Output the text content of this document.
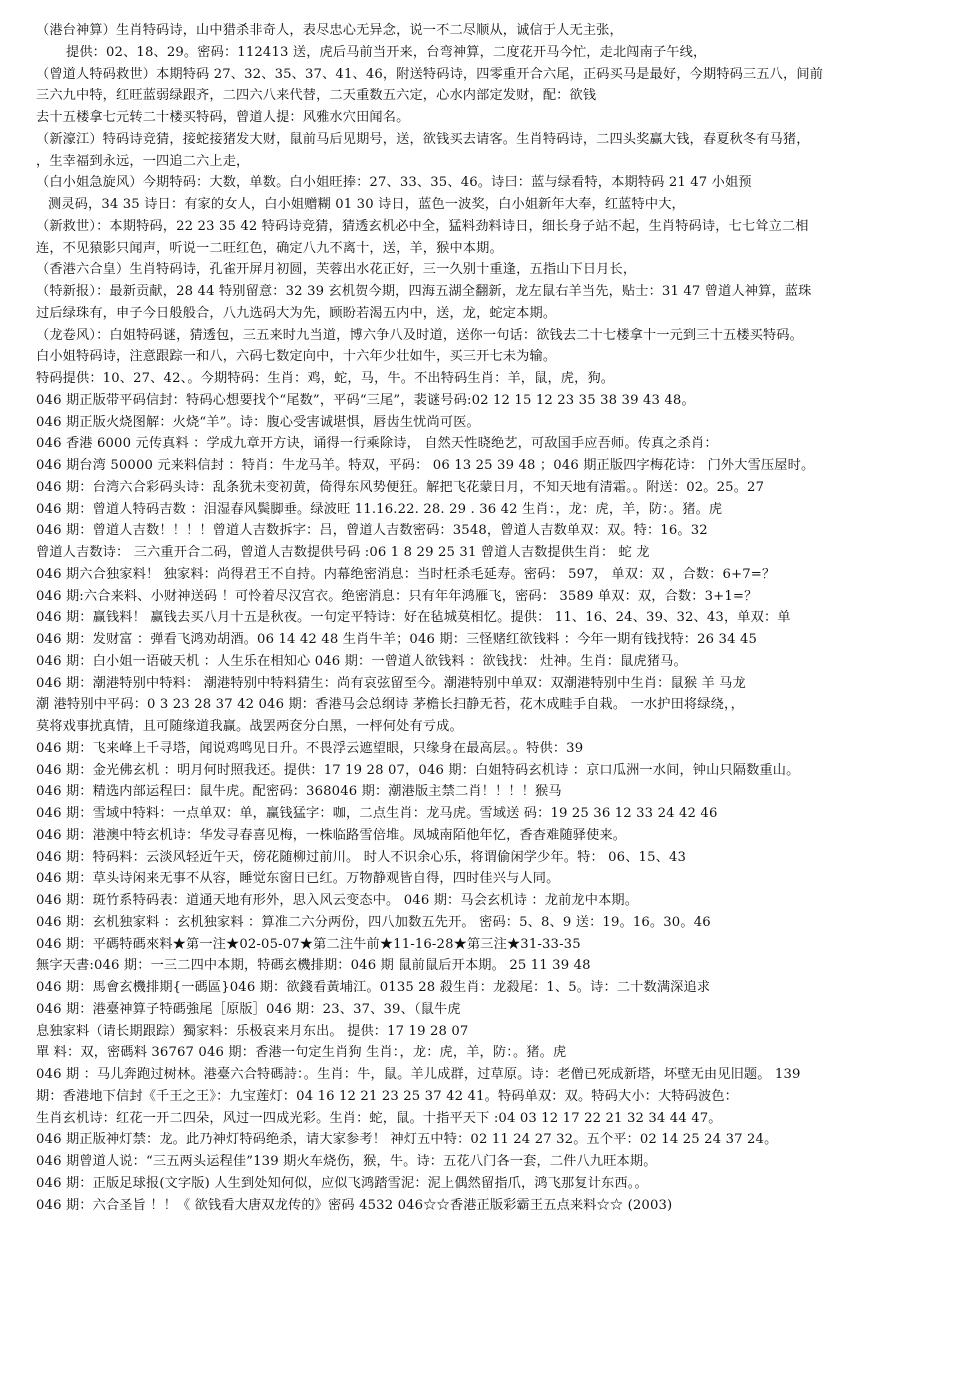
（港台神算）生肖特码诗，山中猎杀非奇人，表尽忠心无异念，说一不二尽顺从，诚信于人无主张，
提供：02、18、29。密码：112413 送，虎后马前当开来，台弯神算，二度花开马今忙，走北闯南子午线，
（曾道人特码救世）本期特码 27、32、35、37、41、46，附送特码诗，四零重开合六尾，正码买马是最好，今期特码三五八，间前
三六九中特，红旺蓝弱绿跟齐，二四六八来代替，二天重数五六定，心水内部定发财，配：欲钱
去十五楼拿七元转二十楼买特码，曾道人提：风雅水穴田闻名。
（新濠江）特码诗竞猜，接蛇接猪发大财，鼠前马后见期号，送，欲钱买去请客。生肖特码诗，二四头奖赢大钱，春夏秋冬有马猪，
，生幸福到永远，一四追二六上走，
（白小姐急旋风）今期特码：大数，单数。白小姐旺捧：27、33、35、46。诗曰：蓝与绿看特，本期特码 21 47 小姐预
测灵码，34 35 诗日：有家的女人，白小姐赠糊 01 30 诗日，蓝色一波奖，白小姐新年大奉，红蓝特中大，
（新救世）：本期特码，22 23 35 42 特码诗竞猜，猜透玄机必中全，猛料劲料诗日，细长身子站不起，生肖特码诗，七七耸立二相
连，不见猿影只闻声，听说一二旺红色，确定八九不离十，送，羊，猴中本期。
（香港六合皇）生肖特码诗，孔雀开屏月初圆，芙蓉出水花正好，三一久别十重逢，五指山下日月长，
（特新报）：最新贡献，28 44 特别留意：32 39 玄机贺今期，四海五湖全翻新，龙左鼠右羊当先，贴士：31 47 曾道人神算，蓝珠
过后绿珠有，申子今日般般合，八九选码大为先，顾盼若渴五内中，送，龙，蛇定本期。
（龙卷风）：白姐特码谜，猜透包，三五来时九当道，博六争八及时道，送你一句话：欲钱去二十七楼拿十一元到三十五楼买特码。
白小姐特码诗，注意跟踪一和八，六码七数定向中，十六年少壮如牛，买三开七未为输。
特码提供：10、27、42、。今期特码：生肖：鸡，蛇，马，牛。不出特码生肖：羊，鼠，虎，狗。
046 期正版带平码信封：特码心想要找个“尾数”，平码“三尾”，裴谜号码:02 12 15 12 23 35 38 39 43 48。
046 期正版火烧图解：火烧“羊”。诗：腹心受害诚堪惧，唇齿生忧尚可医。
046 香港 6000 元传真料 ：学成九章开方诀，诵得一行乘除诗， 自然天性晓绝艺，可敌国手应吾师。传真之杀肖：
046 期台湾 50000 元来料信封 ：特肖：牛龙马羊。特双，平码： 06 13 25 39 48 ；046 期正版四字梅花诗： 门外大雪压屋时。
046 期：台湾六合彩码头诗：乱条犹未变初黄，倚得东风势便狂。解把飞花蒙日月，不知天地有清霜。。附送：02。25。27
046 期：曾道人特码吉数 ：泪湿春风鬓脚垂。绿波旺 11.16.22. 28. 29 . 36 42 生肖：，龙：虎，羊，防：。猪。虎
046 期：曾道人吉数！！！！曾道人吉数拆字：吕，曾道人吉数密码：3548，曾道人吉数单双：双。特：16。32
曾道人吉数诗： 三六重开合二码，曾道人吉数提供号码 :06 1 8 29 25 31 曾道人吉数提供生肖： 蛇 龙
046 期六合独家料！ 独家料：尚得君王不自持。内幕绝密消息：当时枉杀毛延寿。密码： 597， 单双：双 ，合数：6+7=？
046 期:六合来料、小财神送码 ！可怜着尽汉宫衣。绝密消息：只有年年鸿雁飞，密码： 3589 单双：双，合数：3+1=？
046 期：赢钱料！ 赢钱去买八月十五是秋夜。一句定平特诗：好在毡城莫相忆。提供： 11、16、24、39、32、43，单双：单
046 期：发财富 ：弹看飞鸿劝胡酒。06 14 42 48 生肖牛羊；046 期：三怪赌红欲钱料 ：今年一期有钱找特：26 34 45
046 期：白小姐一语破天机 ：人生乐在相知心 046 期：一曾道人欲钱料 ：欲钱找： 灶神。生肖：鼠虎猪马。
046 期：潮港特别中特料： 潮港特别中特料猜生：尚有哀弦留至今。潮港特别中单双：双潮港特别中生肖：鼠猴 羊 马龙
潮 港特别中平码：0 3 23 28 37 42 046 期：香港马会总纲诗 茅檐长扫静无苔，花木成畦手自栽。 一水护田将绿绕，，
莫将戏事扰真情，且可随缘道我赢。战罢两奁分白黑，一枰何处有亏成。
046 期：飞来峰上千寻塔，闻说鸡鸣见日升。不畏浮云遮望眼，只缘身在最高层。。特供：39
046 期：金光佛玄机 ：明月何时照我还。提供：17 19 28 07，046 期：白姐特码玄机诗 ：京口瓜洲一水间，钟山只隔数重山。
046 期：精选内部运程曰：鼠牛虎。配密码：368046 期：潮港版主禁二肖！！！！猴马
046 期：雪域中特料：一点单双：单，赢钱猛字：咖，二点生肖：龙马虎。雪域送 码：19 25 36 12 33 24 42 46
046 期：港澳中特玄机诗：华发寻春喜见梅，一株临路雪倍堆。凤城南陌他年忆，香杳难随驿使来。
046 期：特码料：云淡风轻近午天，傍花随柳过前川。 时人不识余心乐，将谓偷闲学少年。特： 06、15、43
046 期：草头诗闲来无事不从容，睡觉东窗日已红。万物静观皆自得，四时佳兴与人同。
046 期：斑竹系特码表：道通天地有形外，思入风云变态中。 046 期：马会玄机诗 ：龙前龙中本期。
046 期：玄机独家料 ：玄机独家料 ：算准二六分两份，四八加数五先开。 密码：5、8、9 送：19。16。30。46
046 期：平碼特碼來料★第一注★02-05-07★第二注牛前★11-16-28★第三注★31-33-35
無字天書:046 期：一三二四中本期，特碼玄機排期：046 期 鼠前鼠后开本期。 25 11 39 48
046 期：馬會玄機排期{一碼區}046 期：欲錢看黃埔江。0135 28 殺生肖：龙殺尾：1、5。诗：二十数满深追求
046 期：港臺神算子特碼強尾［原版］046 期：23、37、39、（鼠牛虎
息独家料（请长期跟踪）獨家料：乐极哀来月东出。 提供：17 19 28 07
單 料：双，密碼料 36767 046 期：香港一句定生肖狗 生肖：，龙：虎，羊，防：。猪。虎
046 期 ：马儿奔跑过树林。港臺六合特碼詩：。生肖：牛，鼠。羊儿成群，过草原。诗：老僧已死成新塔，坏壁无由见旧题。 139
期：香港地下信封《千王之王》：九宝莲灯：04 16 12 21 23 25 37 42 41。特码单双：双。特码大小：大特码波色：
生肖玄机诗：红花一开二四朵，风过一四成光彩。生肖：蛇，鼠。十指平天下 :04 03 12 17 22 21 32 34 44 47。
046 期正版神灯禁：龙。此乃神灯特码绝杀，请大家参考！ 神灯五中特：02 11 24 27 32。五个平：02 14 25 24 37 24。
046 期曾道人说：“三五两头运程佳”139 期火车烧伤，猴，牛。诗：五花八门各一套，二件八九旺本期。
046 期：正版足球报(文字版) 人生到处知何似，应似飞鸿踏雪泥：泥上偶然留指爪，鸿飞那复计东西。。
046 期：六合圣旨 ！！《 欲钱看大唐双龙传的》密码 4532 046☆☆香港正版彩霸王五点来料☆☆ (2003)
